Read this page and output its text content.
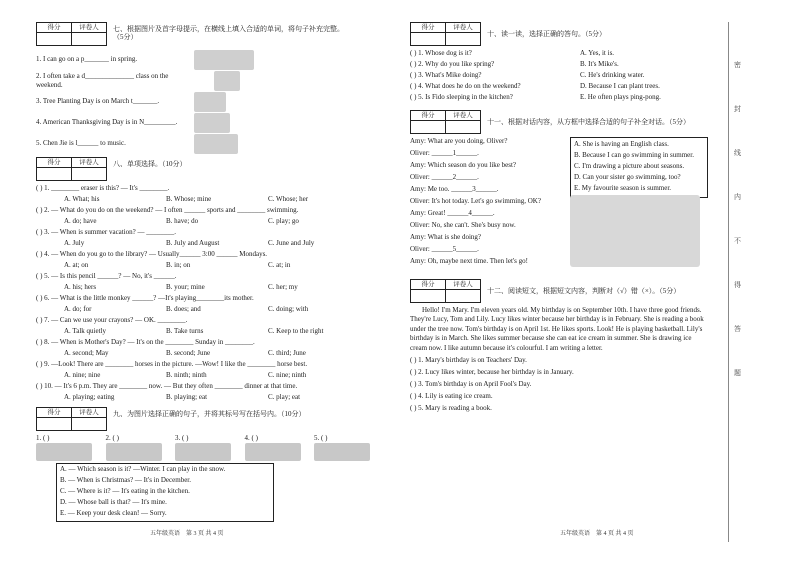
得分	评卷人
	七、根据图片及首字母提示，在横线上填入合适的单词，将句子补充完整。
（5分）
1. I can go on a p_______ in spring.
2. I often take a d______________ class on the weekend.
3. Tree Planting Day is on March t_______.
4. American Thanksgiving Day is in N_________.
5. Chen Jie is l______ to music.
得分	评卷人
	八、单项选择。（10分）
( ) 1. ________ eraser is this? — It's ________.
A. What; his	B. Whose; mine	C. Whose; her
( ) 2. — What do you do on the weekend? — I often ______ sports and ________ swimming.
A. do; have	B. have; do	C. play; go
( ) 3. — When is summer vacation? — ________.
A. July	B. July and August	C. June and July
( ) 4. — When do you go to the library? — Usually______ 3:00 ______ Mondays.
A. at; on	B. in; on	C. at; in
( ) 5. — Is this pencil ______? — No, it's ______.
A. his; hers	B. your; mine	C. her; my
( ) 6. — What is the little monkey ______? —It's playing________its mother.
A. do; for	B. does; and	C. doing; with
( ) 7. — Can we use your crayons? — OK. ________.
A. Talk quietly	B. Take turns	C. Keep to the right
( ) 8. — When is Mother's Day? — It's on the ________ Sunday in ________.
A. second; May	B. second; June	C. third; June
( ) 9. —Look! There are ________ horses in the picture. —Wow! I like the ________ horse best.
A. nine; nine	B. ninth; ninth	C. nine; ninth
( ) 10. — It's 6 p.m. They are ________ now. — But they often ________ dinner at that time.
A. playing; eating	B. playing; eat	C. play; eat
得分	评卷人
	九、为图片选择正确的句子，并将其标号写在括号内。（10分）
1. ( )	2. ( )	3. ( )	4. ( )	5. ( )
A. — Which season is it? —Winter. I can play in the snow.
B. — When is Christmas? — It's in December.
C. — Where is it? — It's eating in the kitchen.
D. — Whose ball is that? — It's mine.
E. — Keep your desk clean! — Sorry.
五年级英语　第 3 页 共 4 页
得分	评卷人

十、读一读，选择正确的答句。（5分）
( ) 1. Whose dog is it?
( ) 2. Why do you like spring?
( ) 3. What's Mike doing?
( ) 4. What does he do on the weekend?
( ) 5. Is Fido sleeping in the kitchen?
A. Yes, it is.
B. It's Mike's.
C. He's drinking water.
D. Because I can plant trees.
E. He often plays ping-pong.
得分	评卷人

十一、根据对话内容，从方框中选择合适的句子补全对话。（5分）
Amy: What are you doing, Oliver?
Oliver: ______1______.
Amy: Which season do you like best?
Oliver: ______2______.
Amy: Me too. ______3______.
Oliver: It's hot today. Let's go swimming, OK?
Amy: Great! ______4______.
Oliver: No, she can't. She's busy now.
Amy: What is she doing?
Oliver: ______5______.
Amy: Oh, maybe next time. Then let's go!
A. She is having an English class.
B. Because I can go swimming in summer.
C. I'm drawing a picture about seasons.
D. Can your sister go swimming, too?
E. My favourite season is summer.
得分	评卷人

十二、阅读短文，根据短文内容，判断对（√）错（×）。（5分）
Hello! I'm Mary. I'm eleven years old. My birthday is on September 10th. I have three good friends. They're Lucy, Tom and Lily. Lucy likes winter because her birthday is in February. She is reading a book under the tree now. Tom's birthday is on April 1st. He likes sports. Look! He is playing basketball. Lily's birthday is in March. She likes summer because she can eat ice cream in summer. She is drawing ice cream now. I like autumn because it's colourful. I am writing a letter.
( ) 1. Mary's birthday is on Teachers' Day.
( ) 2. Lucy likes winter, because her birthday is in January.
( ) 3. Tom's birthday is on April Fool's Day.
( ) 4. Lily is eating ice cream.
( ) 5. Mary is reading a book.
五年级英语　第 4 页 共 4 页
密
封
线
内
不
得
答
题
